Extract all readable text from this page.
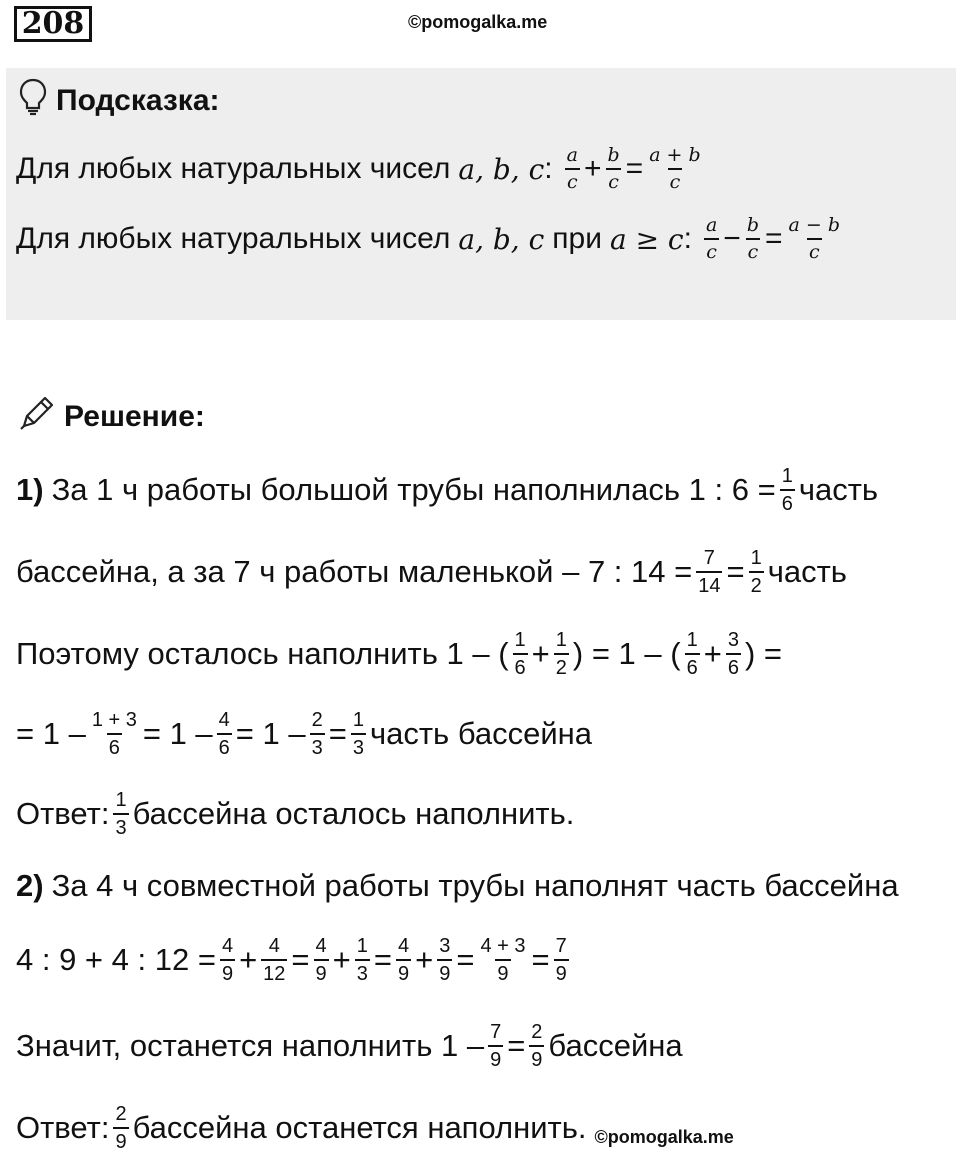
208	©pomogalka.me
Подсказка:
Для любых натуральных чисел a, b, c : $\frac{a}{c} + \frac{b}{c} = \frac{a + b}{c}$
Для любых натуральных чисел a, b, c при a ≥ c : $\frac{a}{c} - \frac{b}{c} = \frac{a - b}{c}$
Решение:
1) За 1 ч работы большой трубы наполнилась 1 : $6 = \frac{1}{6}$ часть
бассейна, а за 7 ч работы маленькой – 7 : $14 = \frac{7}{14} = \frac{1}{2}$ часть
Поэтому осталось наполнить 1 – ( $\frac{1}{6} + \frac{1}{2}$ ) = 1 – ( $\frac{1}{6} + \frac{3}{6}$ ) =
= $1 - \frac{1 + 3}{6} = 1 - \frac{4}{6} = 1 - \frac{2}{3} = \frac{1}{3}$ часть бассейна
Ответ: $\frac{1}{3}$ бассейна осталось наполнить.
2) За 4 ч совместной работы трубы наполнят часть бассейна
4 : 9 + 4 : $12 = \frac{4}{9} + \frac{4}{12} = \frac{4}{9} + \frac{1}{3} = \frac{4}{9} + \frac{3}{9} = \frac{4 + 3}{9} = \frac{7}{9}$
Значит, останется наполнить $1 - \frac{7}{9} = \frac{2}{9}$ бассейна
Ответ: $\frac{2}{9}$ бассейна останется наполнить. ©pomogalka.me
